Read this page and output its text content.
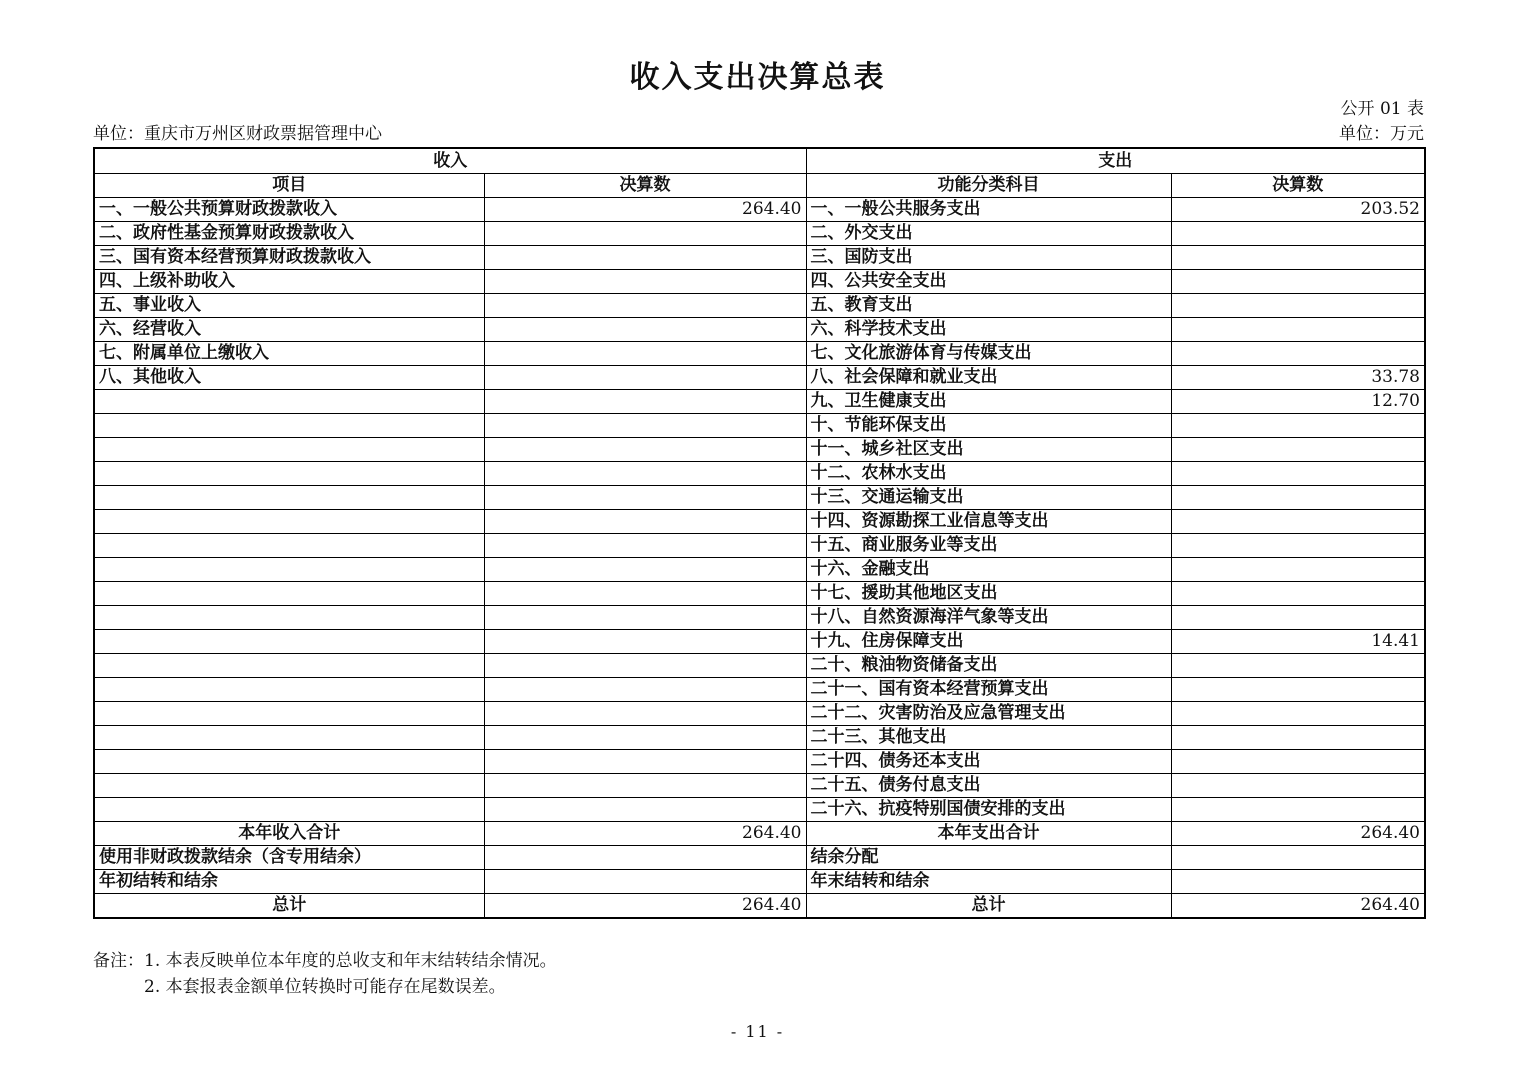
收入支出决算总表
公开 01 表
单位：重庆市万州区财政票据管理中心	单位：万元
收入		支出	
项目	决算数	功能分类科目	决算数
一、一般公共预算财政拨款收入	264.40	一、一般公共服务支出	203.52
二、政府性基金预算财政拨款收入		二、外交支出	
三、国有资本经营预算财政拨款收入		三、国防支出	
四、上级补助收入		四、公共安全支出	
五、事业收入		五、教育支出	
六、经营收入		六、科学技术支出	
七、附属单位上缴收入		七、文化旅游体育与传媒支出	
八、其他收入		八、社会保障和就业支出	33.78
		九、卫生健康支出	12.70
		十、节能环保支出	
		十一、城乡社区支出	
		十二、农林水支出	
		十三、交通运输支出	
		十四、资源勘探工业信息等支出	
		十五、商业服务业等支出	
		十六、金融支出	
		十七、援助其他地区支出	
		十八、自然资源海洋气象等支出	
		十九、住房保障支出	14.41
		二十、粮油物资储备支出	
		二十一、国有资本经营预算支出	
		二十二、灾害防治及应急管理支出	
		二十三、其他支出	
		二十四、债务还本支出	
		二十五、债务付息支出	
		二十六、抗疫特别国债安排的支出	
本年收入合计	264.40	本年支出合计	264.40
使用非财政拨款结余（含专用结余）		结余分配	
年初结转和结余		年末结转和结余	
总计	264.40	总计	264.40
备注： 1. 本表反映单位本年度的总收支和年末结转结余情况。
2. 本套报表金额单位转换时可能存在尾数误差。
- 11 -
